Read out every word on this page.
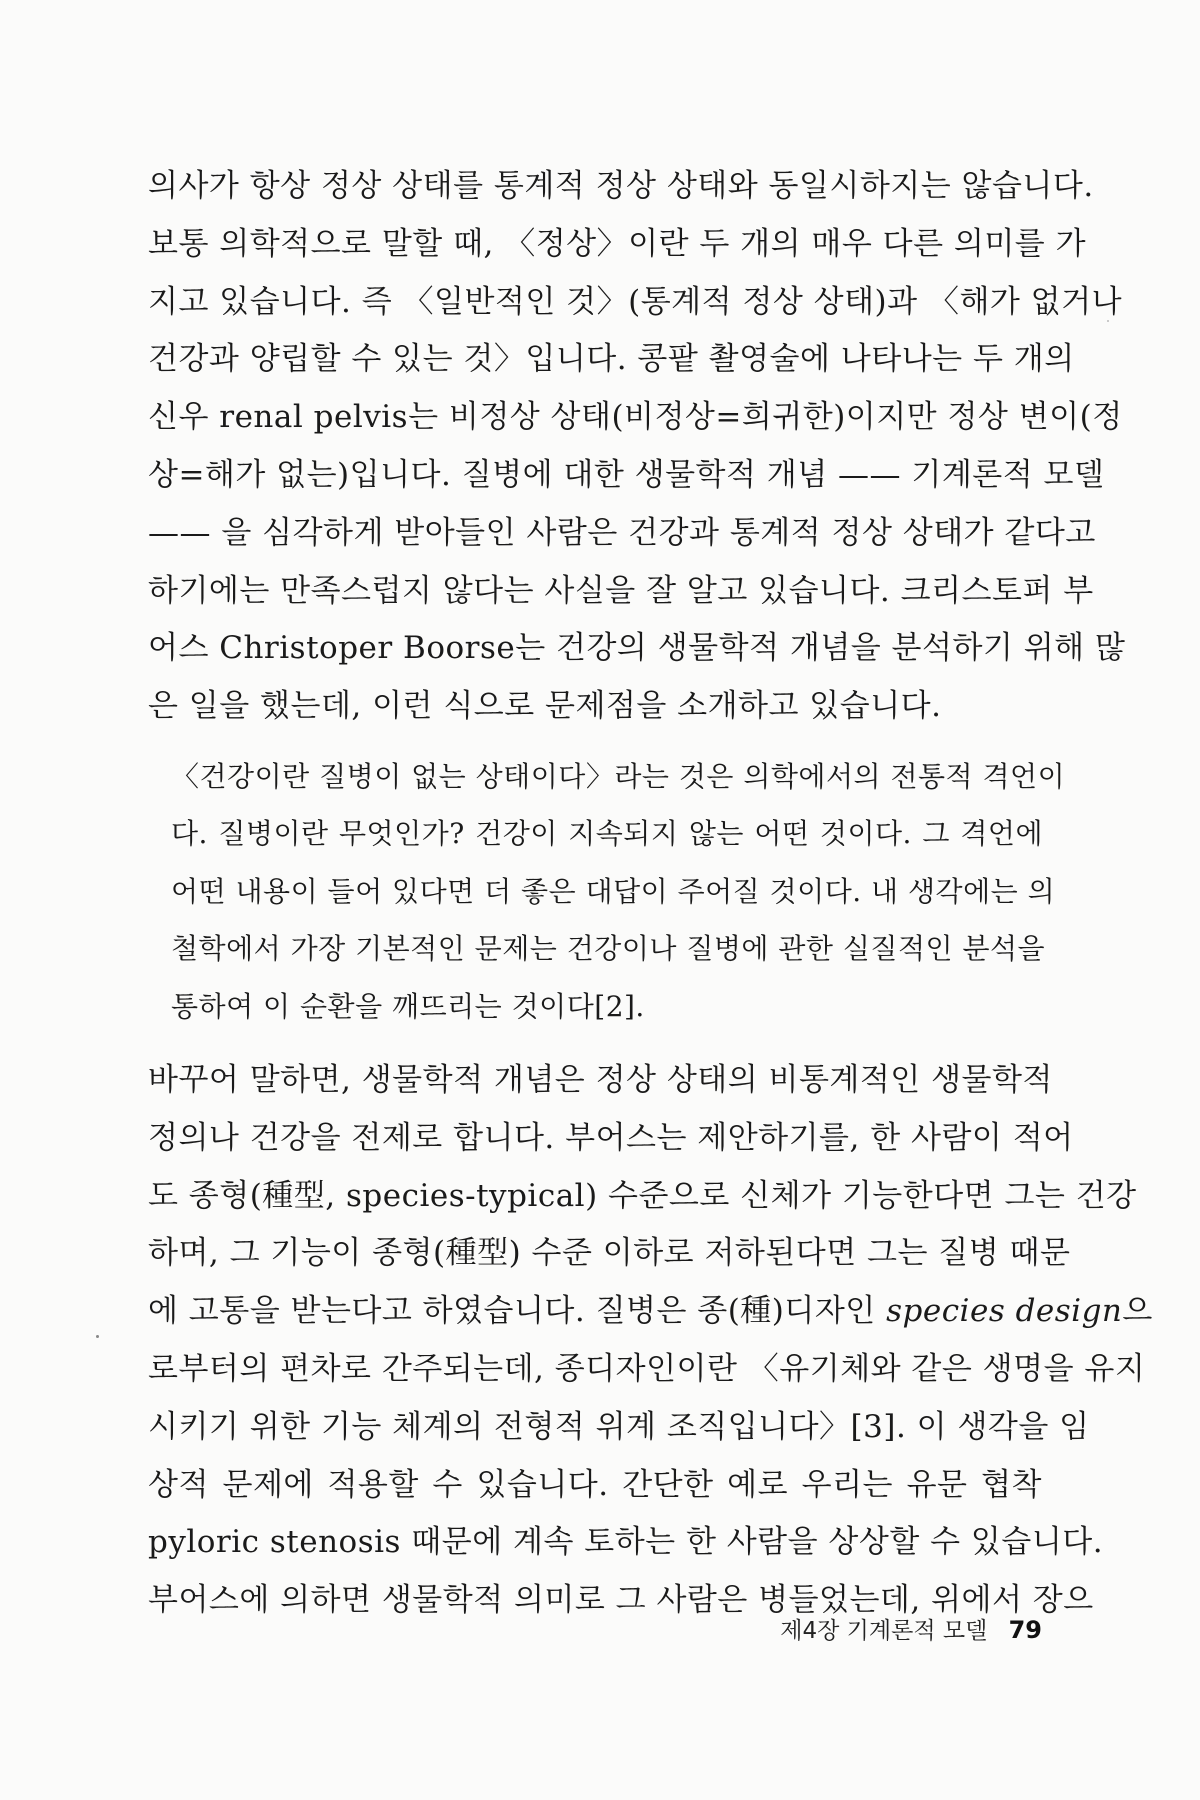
의사가 항상 정상 상태를 통계적 정상 상태와 동일시하지는 않습니다.
보통 의학적으로 말할 때, 〈정상〉이란 두 개의 매우 다른 의미를 가
지고 있습니다. 즉 〈일반적인 것〉(통계적 정상 상태)과 〈해가 없거나
건강과 양립할 수 있는 것〉입니다. 콩팥 촬영술에 나타나는 두 개의
신우 renal pelvis는 비정상 상태(비정상=희귀한)이지만 정상 변이(정
상=해가 없는)입니다. 질병에 대한 생물학적 개념 —— 기계론적 모델
—— 을 심각하게 받아들인 사람은 건강과 통계적 정상 상태가 같다고
하기에는 만족스럽지 않다는 사실을 잘 알고 있습니다. 크리스토퍼 부
어스 Christoper Boorse는 건강의 생물학적 개념을 분석하기 위해 많
은 일을 했는데, 이런 식으로 문제점을 소개하고 있습니다.
〈건강이란 질병이 없는 상태이다〉라는 것은 의학에서의 전통적 격언이
다. 질병이란 무엇인가? 건강이 지속되지 않는 어떤 것이다. 그 격언에
어떤 내용이 들어 있다면 더 좋은 대답이 주어질 것이다. 내 생각에는 의
철학에서 가장 기본적인 문제는 건강이나 질병에 관한 실질적인 분석을
통하여 이 순환을 깨뜨리는 것이다[2].
바꾸어 말하면, 생물학적 개념은 정상 상태의 비통계적인 생물학적
정의나 건강을 전제로 합니다. 부어스는 제안하기를, 한 사람이 적어
도 종형(種型, species-typical) 수준으로 신체가 기능한다면 그는 건강
하며, 그 기능이 종형(種型) 수준 이하로 저하된다면 그는 질병 때문
에 고통을 받는다고 하였습니다. 질병은 종(種)디자인 species design으
로부터의 편차로 간주되는데, 종디자인이란 〈유기체와 같은 생명을 유지
시키기 위한 기능 체계의 전형적 위계 조직입니다〉[3]. 이 생각을 임
상적 문제에 적용할 수 있습니다. 간단한 예로 우리는 유문 협착
pyloric stenosis 때문에 계속 토하는 한 사람을 상상할 수 있습니다.
부어스에 의하면 생물학적 의미로 그 사람은 병들었는데, 위에서 장으
제4장 기계론적 모델 79
